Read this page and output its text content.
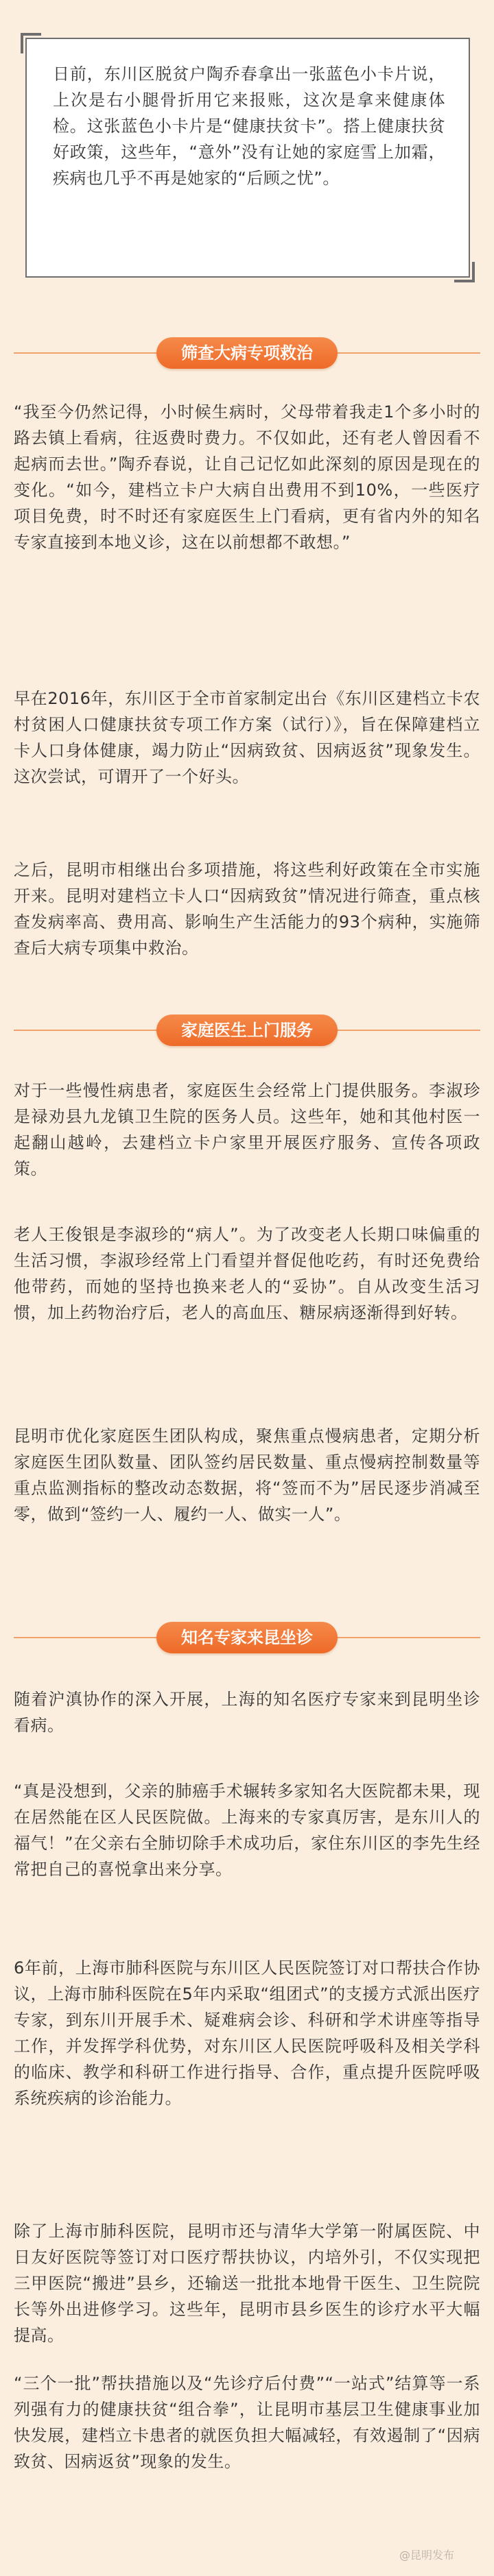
日前，东川区脱贫户陶乔春拿出一张蓝色小卡片说，上次是右小腿骨折用它来报账，这次是拿来健康体检。这张蓝色小卡片是“健康扶贫卡”。搭上健康扶贫好政策，这些年，“意外”没有让她的家庭雪上加霜，疾病也几乎不再是她家的“后顾之忧”。

筛查大病专项救治

“我至今仍然记得，小时候生病时，父母带着我走1个多小时的路去镇上看病，往返费时费力。不仅如此，还有老人曾因看不起病而去世。”陶乔春说，让自己记忆如此深刻的原因是现在的变化。“如今，建档立卡户大病自出费用不到10%，一些医疗项目免费，时不时还有家庭医生上门看病，更有省内外的知名专家直接到本地义诊，这在以前想都不敢想。”

早在2016年，东川区于全市首家制定出台《东川区建档立卡农村贫困人口健康扶贫专项工作方案（试行）》，旨在保障建档立卡人口身体健康，竭力防止“因病致贫、因病返贫”现象发生。这次尝试，可谓开了一个好头。

之后，昆明市相继出台多项措施，将这些利好政策在全市实施开来。昆明对建档立卡人口“因病致贫”情况进行筛查，重点核查发病率高、费用高、影响生产生活能力的93个病种，实施筛查后大病专项集中救治。

家庭医生上门服务

对于一些慢性病患者，家庭医生会经常上门提供服务。李淑珍是禄劝县九龙镇卫生院的医务人员。这些年，她和其他村医一起翻山越岭，去建档立卡户家里开展医疗服务、宣传各项政策。

老人王俊银是李淑珍的“病人”。为了改变老人长期口味偏重的生活习惯，李淑珍经常上门看望并督促他吃药，有时还免费给他带药，而她的坚持也换来老人的“妥协”。自从改变生活习惯，加上药物治疗后，老人的高血压、糖尿病逐渐得到好转。

昆明市优化家庭医生团队构成，聚焦重点慢病患者，定期分析家庭医生团队数量、团队签约居民数量、重点慢病控制数量等重点监测指标的整改动态数据，将“签而不为”居民逐步消减至零，做到“签约一人、履约一人、做实一人”。

知名专家来昆坐诊

随着沪滇协作的深入开展，上海的知名医疗专家来到昆明坐诊看病。

“真是没想到，父亲的肺癌手术辗转多家知名大医院都未果，现在居然能在区人民医院做。上海来的专家真厉害，是东川人的福气！”在父亲右全肺切除手术成功后，家住东川区的李先生经常把自己的喜悦拿出来分享。

6年前，上海市肺科医院与东川区人民医院签订对口帮扶合作协议，上海市肺科医院在5年内采取“组团式”的支援方式派出医疗专家，到东川开展手术、疑难病会诊、科研和学术讲座等指导工作，并发挥学科优势，对东川区人民医院呼吸科及相关学科的临床、教学和科研工作进行指导、合作，重点提升医院呼吸系统疾病的诊治能力。

除了上海市肺科医院，昆明市还与清华大学第一附属医院、中日友好医院等签订对口医疗帮扶协议，内培外引，不仅实现把三甲医院“搬进”县乡，还输送一批批本地骨干医生、卫生院院长等外出进修学习。这些年，昆明市县乡医生的诊疗水平大幅提高。

“三个一批”帮扶措施以及“先诊疗后付费”“一站式”结算等一系列强有力的健康扶贫“组合拳”，让昆明市基层卫生健康事业加快发展，建档立卡患者的就医负担大幅减轻，有效遏制了“因病致贫、因病返贫”现象的发生。

@昆明发布
